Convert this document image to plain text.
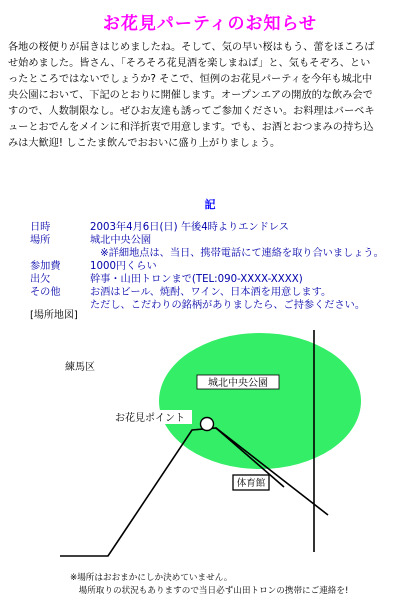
お花見パーティのお知らせ
各地の桜便りが届きはじめましたね。そして、気の早い桜はもう、蕾をほころば
せ始めました。皆さん、「そろそろ花見酒を楽しまねば」と、気もそぞろ、とい
ったところではないでしょうか? そこで、恒例のお花見パーティを今年も城北中
央公園において、下記のとおりに開催します。オープンエアの開放的な飲み会で
すので、人数制限なし。ぜひお友達も誘ってご参加ください。お料理はバーベキ
ューとおでんをメインに和洋折衷で用意します。でも、お酒とおつまみの持ち込
みは大歓迎! しこたま飲んでおおいに盛り上がりましょう。
記
日時	2003年4月6日(日) 午後4時よりエンドレス
場所	城北中央公園
　※詳細地点は、当日、携帯電話にて連絡を取り合いましょう。
参加費	1000円くらい
出欠	幹事・山田トロンまで(TEL:090-XXXX-XXXX)
その他	お酒はビール、焼酎、ワイン、日本酒を用意します。
ただし、こだわりの銘柄がありましたら、ご持参ください。
[場所地図]
城北中央公園
練馬区
お花見ポイント
体育館
※場所はおおまかにしか決めていません。
　場所取りの状況もありますので当日必ず山田トロンの携帯にご連絡を!
